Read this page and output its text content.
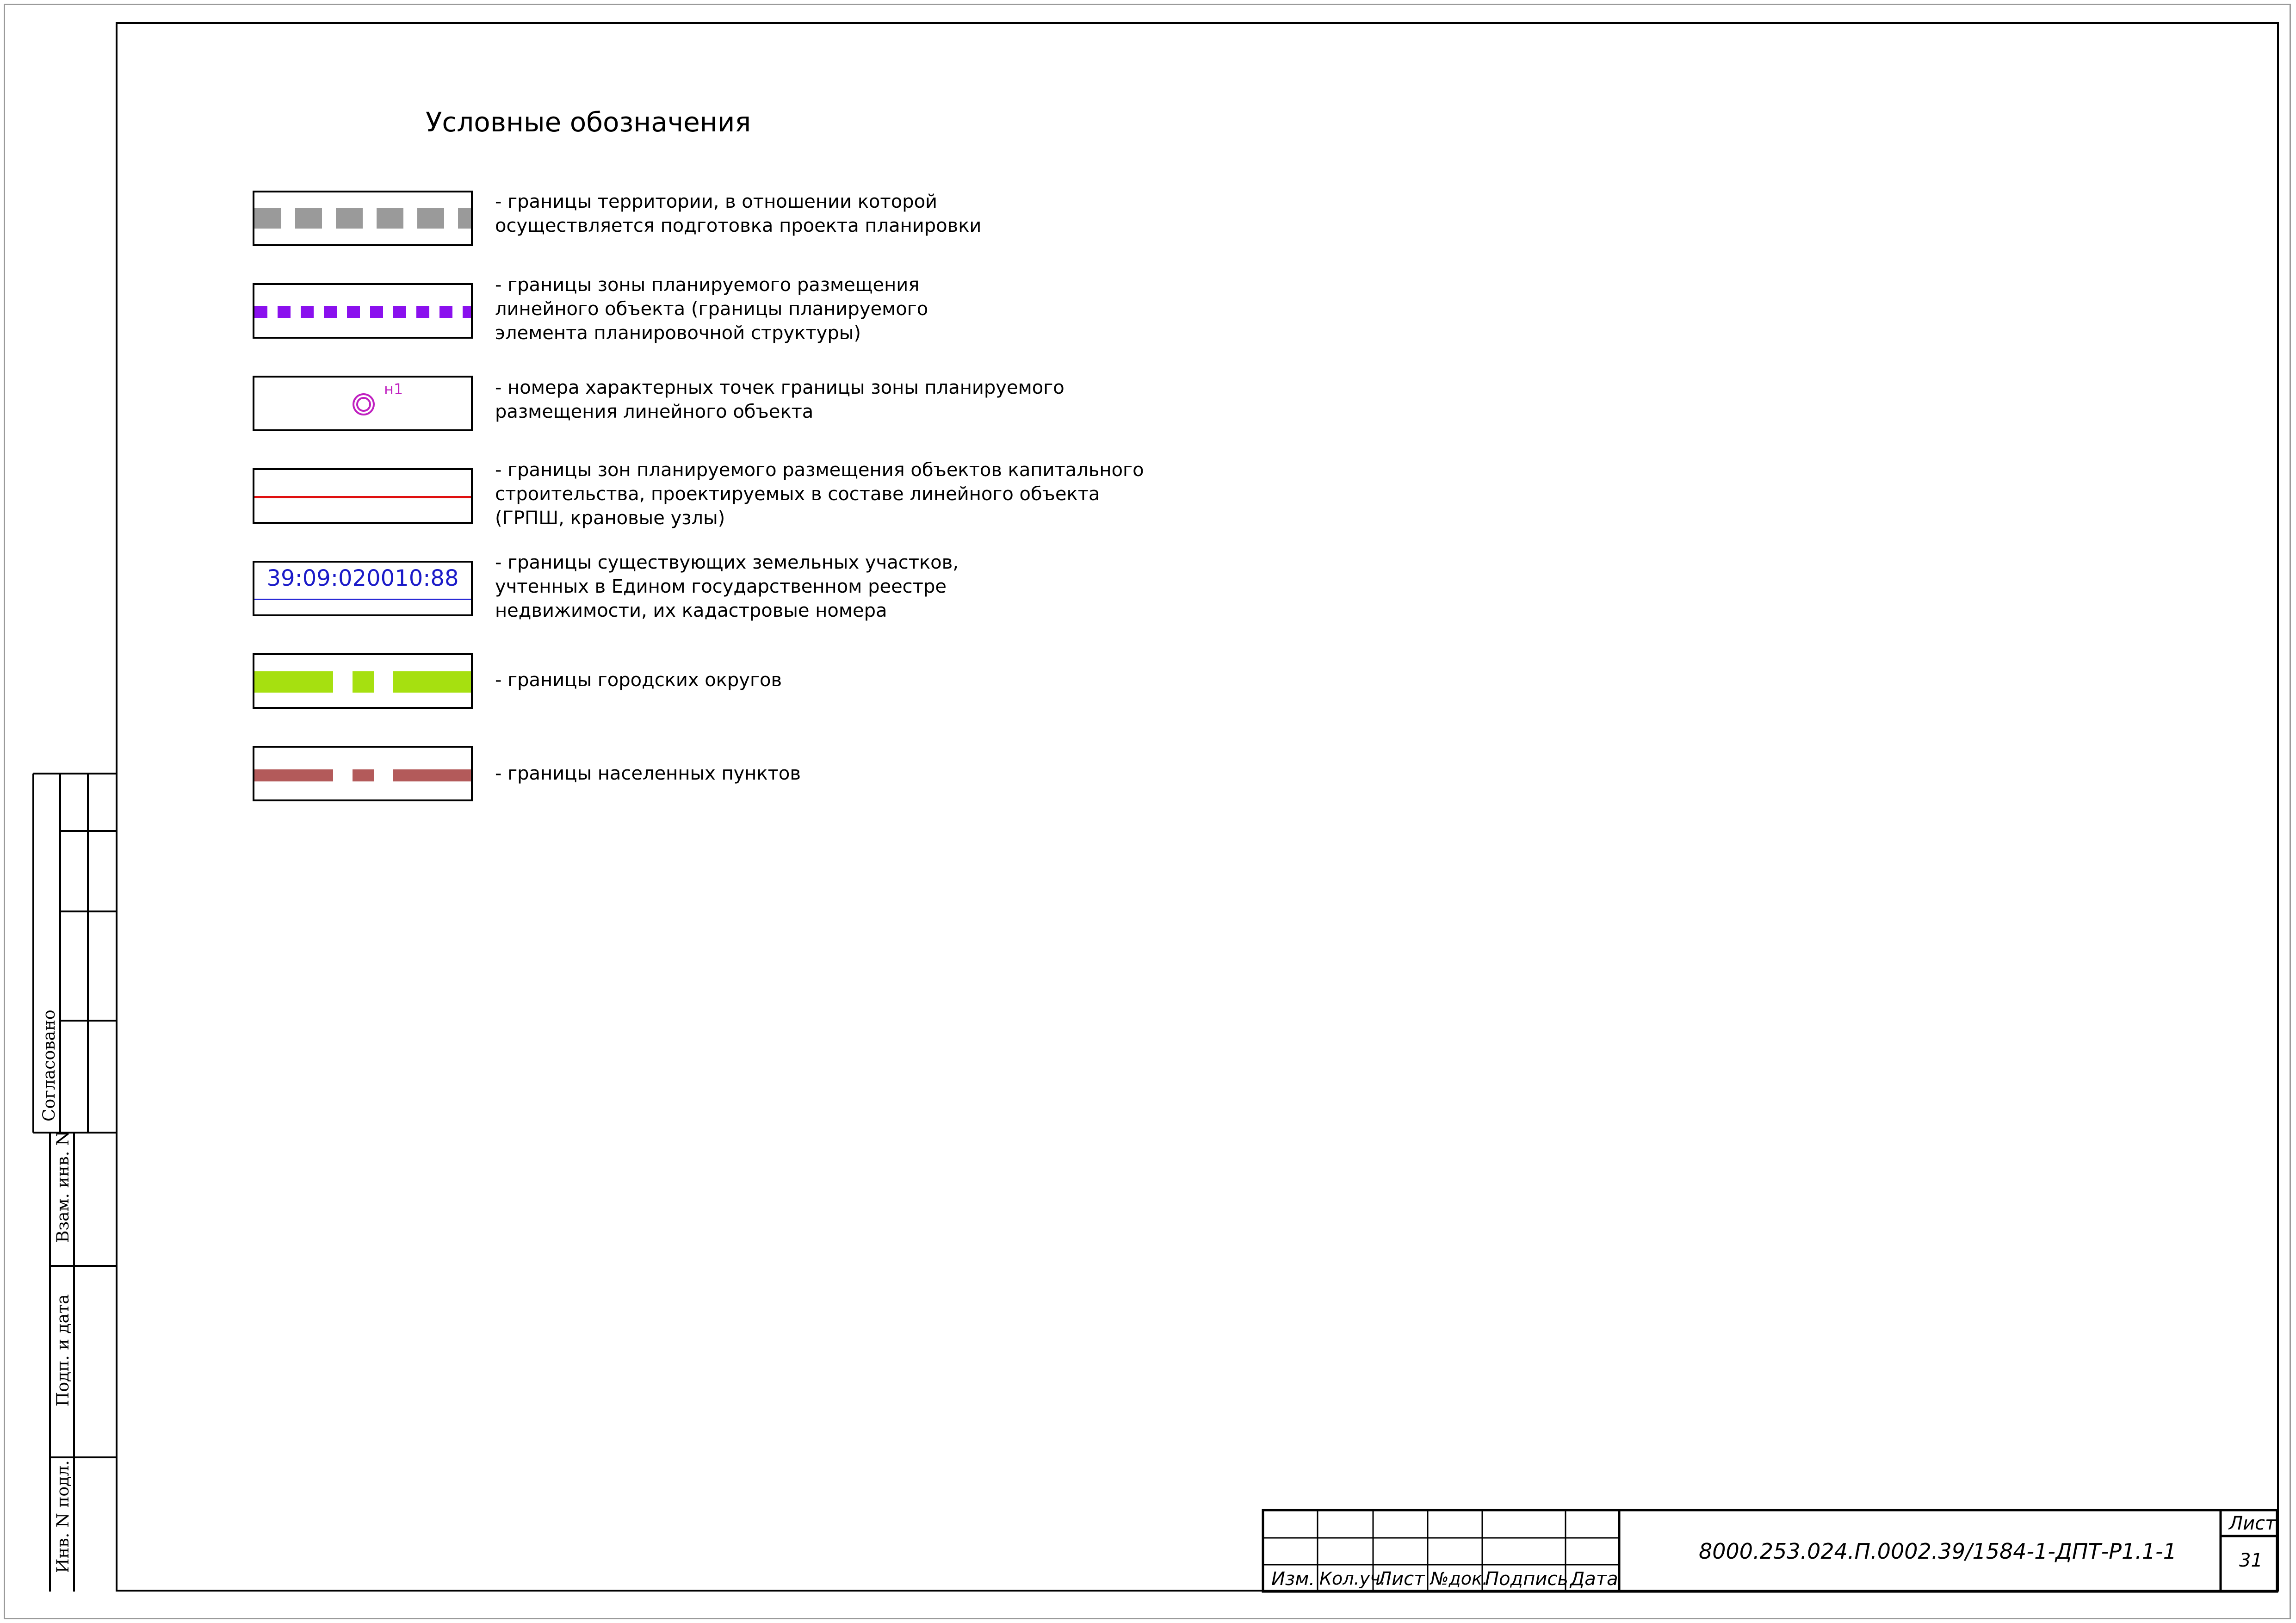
Условные обозначения
- границы территории, в отношении которой
осуществляется подготовка проекта планировки
- границы зоны планируемого размещения
линейного объекта (границы планируемого
элемента планировочной структуры)
н1	- номера характерных точек границы зоны планируемого
размещения линейного объекта
- границы зон планируемого размещения объектов капитального
строительства, проектируемых в составе линейного объекта
(ГРПШ, крановые узлы)
39:09:020010:88
- границы существующих земельных участков,
учтенных в Едином государственном реестре
недвижимости, их кадастровые номера
- границы городских округов
- границы населенных пунктов
Согласовано
Взам. инв. N
Подп. и дата
Инв. N подл.
Изм. Кол.уч.
Лист №док.
Подпись Дата
8000.253.024.П.0002.39/1584-1-ДПТ-Р1.1-1
Лист
31
